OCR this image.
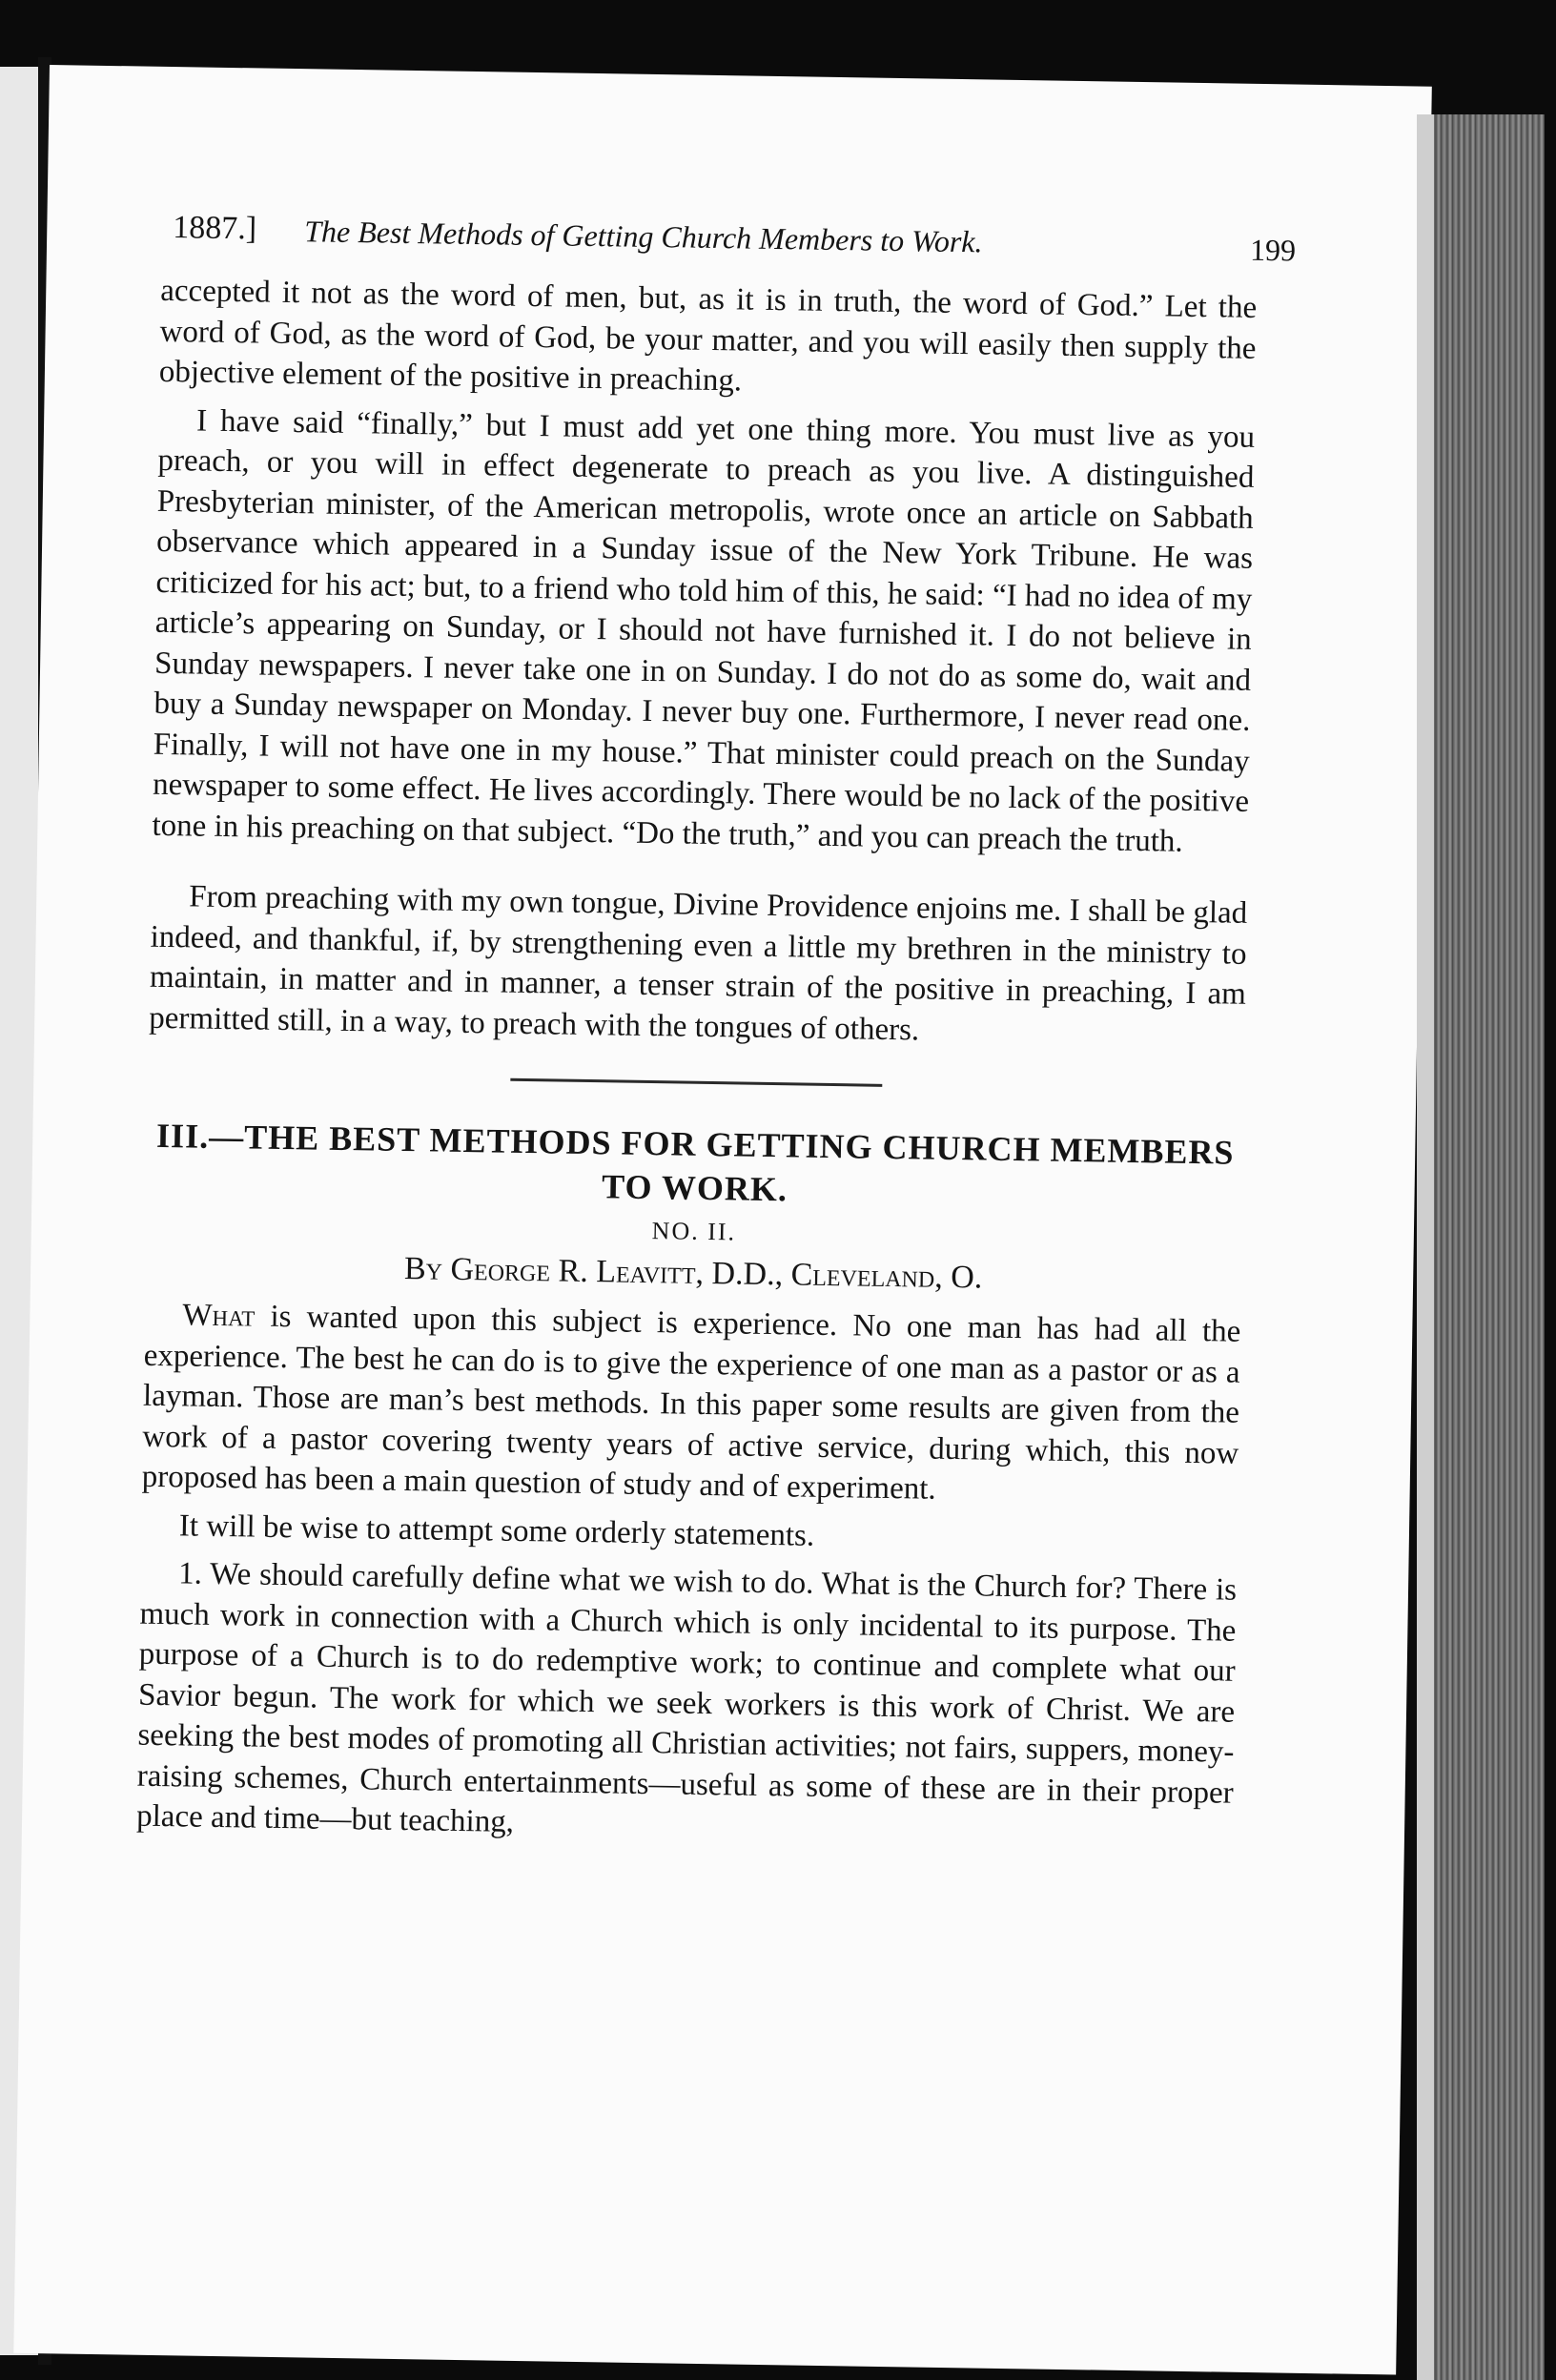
1887.] The Best Methods of Getting Church Members to Work.	199

accepted it not as the word of men, but, as it is in truth, the word of God.” Let the word of God, as the word of God, be your matter, and you will easily then supply the objective element of the positive in preaching.

I have said “finally,” but I must add yet one thing more. You must live as you preach, or you will in effect degenerate to preach as you live. A distinguished Presbyterian minister, of the American metropolis, wrote once an article on Sabbath observance which appeared in a Sunday issue of the New York Tribune. He was criticized for his act; but, to a friend who told him of this, he said: “I had no idea of my article’s appearing on Sunday, or I should not have furnished it. I do not believe in Sunday newspapers. I never take one in on Sunday. I do not do as some do, wait and buy a Sunday newspaper on Monday. I never buy one. Furthermore, I never read one. Finally, I will not have one in my house.” That minister could preach on the Sunday newspaper to some effect. He lives accordingly. There would be no lack of the positive tone in his preaching on that subject. “Do the truth,” and you can preach the truth.

From preaching with my own tongue, Divine Providence enjoins me. I shall be glad indeed, and thankful, if, by strengthening even a little my brethren in the ministry to maintain, in matter and in manner, a tenser strain of the positive in preaching, I am permitted still, in a way, to preach with the tongues of others.

III.—THE BEST METHODS FOR GETTING CHURCH MEMBERS TO WORK.
NO. II.
By George R. Leavitt, D.D., Cleveland, O.

What is wanted upon this subject is experience. No one man has had all the experience. The best he can do is to give the experience of one man as a pastor or as a layman. Those are man’s best methods. In this paper some results are given from the work of a pastor covering twenty years of active service, during which, this now proposed has been a main question of study and of experiment.

It will be wise to attempt some orderly statements.

1. We should carefully define what we wish to do. What is the Church for? There is much work in connection with a Church which is only incidental to its purpose. The purpose of a Church is to do redemptive work; to continue and complete what our Savior begun. The work for which we seek workers is this work of Christ. We are seeking the best modes of promoting all Christian activities; not fairs, suppers, money-raising schemes, Church entertainments—useful as some of these are in their proper place and time—but teaching,
